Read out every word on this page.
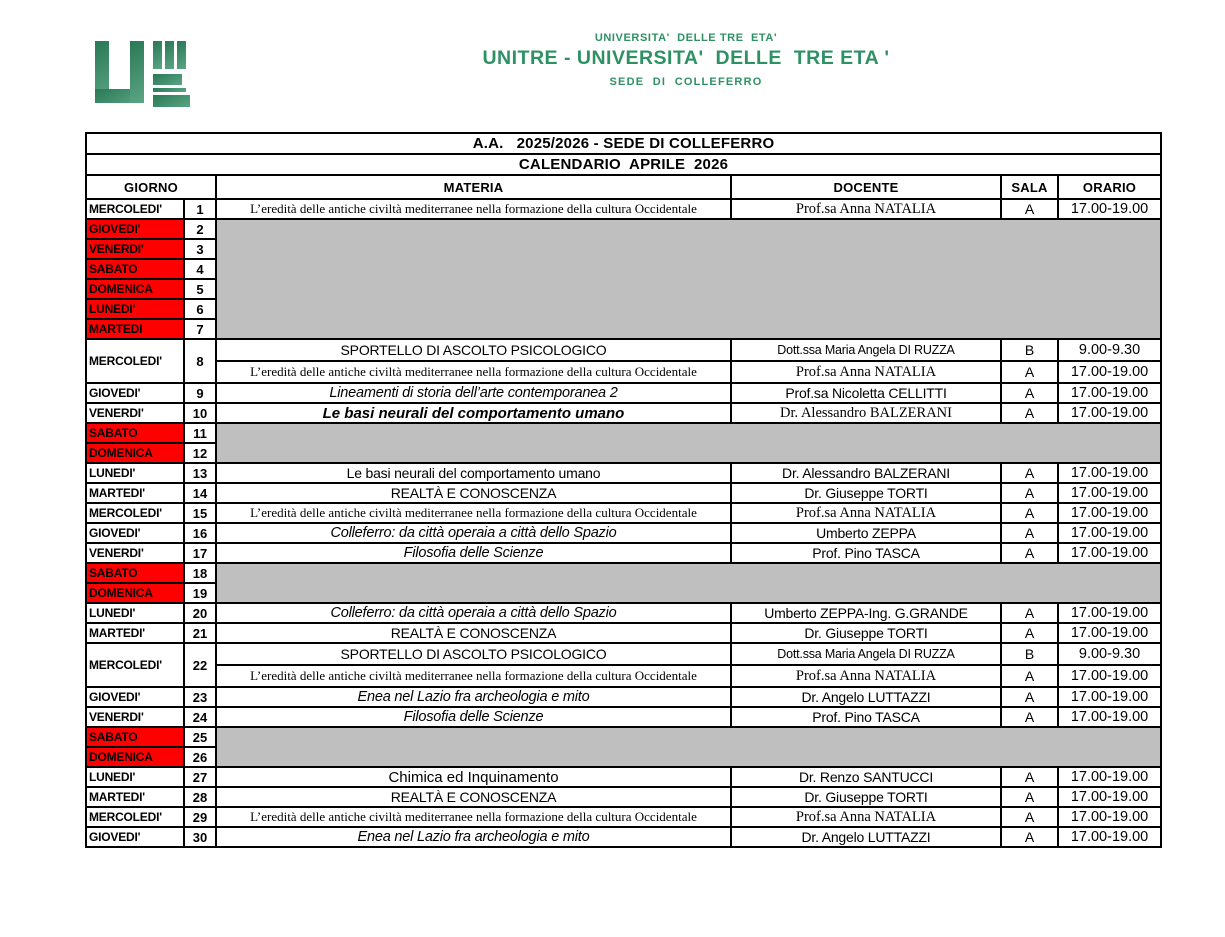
UNIVERSITA'  DELLE TRE  ETA'
UNITRE - UNIVERSITA'  DELLE  TRE ETA '
SEDE  DI  COLLEFERRO
A.A.   2025/2026 - SEDE DI COLLEFERRO					
CALENDARIO  APRILE  2026					
GIORNO		MATERIA	DOCENTE	SALA	ORARIO
MERCOLEDI'	1	L’eredità delle antiche civiltà mediterranee nella formazione della cultura Occidentale	Prof.sa Anna NATALIA	A	17.00-19.00
GIOVEDI'	2				
VENERDI'	3				
SABATO	4				
DOMENICA	5				
LUNEDI'	6				
MARTEDI	7				
MERCOLEDI'	8	SPORTELLO DI ASCOLTO PSICOLOGICO	Dott.ssa Maria Angela DI RUZZA	B	9.00-9.30
		L’eredità delle antiche civiltà mediterranee nella formazione della cultura Occidentale	Prof.sa Anna NATALIA	A	17.00-19.00
GIOVEDI'	9	Lineamenti di storia dell’arte contemporanea 2	Prof.sa Nicoletta CELLITTI	A	17.00-19.00
VENERDI'	10	Le basi neurali del comportamento umano	Dr. Alessandro BALZERANI	A	17.00-19.00
SABATO	11				
DOMENICA	12				
LUNEDI'	13	Le basi neurali del comportamento umano	Dr. Alessandro BALZERANI	A	17.00-19.00
MARTEDI'	14	REALTÀ E CONOSCENZA	Dr. Giuseppe TORTI	A	17.00-19.00
MERCOLEDI'	15	L’eredità delle antiche civiltà mediterranee nella formazione della cultura Occidentale	Prof.sa Anna NATALIA	A	17.00-19.00
GIOVEDI'	16	Colleferro: da città operaia a città dello Spazio	Umberto ZEPPA	A	17.00-19.00
VENERDI'	17	Filosofia delle Scienze	Prof. Pino TASCA	A	17.00-19.00
SABATO	18				
DOMENICA	19				
LUNEDI'	20	Colleferro: da città operaia a città dello Spazio	Umberto ZEPPA-Ing. G.GRANDE	A	17.00-19.00
MARTEDI'	21	REALTÀ E CONOSCENZA	Dr. Giuseppe TORTI	A	17.00-19.00
MERCOLEDI'	22	SPORTELLO DI ASCOLTO PSICOLOGICO	Dott.ssa Maria Angela DI RUZZA	B	9.00-9.30
		L’eredità delle antiche civiltà mediterranee nella formazione della cultura Occidentale	Prof.sa Anna NATALIA	A	17.00-19.00
GIOVEDI'	23	Enea nel Lazio fra archeologia e mito	Dr. Angelo LUTTAZZI	A	17.00-19.00
VENERDI'	24	Filosofia delle Scienze	Prof. Pino TASCA	A	17.00-19.00
SABATO	25				
DOMENICA	26				
LUNEDI'	27	Chimica ed Inquinamento	Dr. Renzo SANTUCCI	A	17.00-19.00
MARTEDI'	28	REALTÀ E CONOSCENZA	Dr. Giuseppe TORTI	A	17.00-19.00
MERCOLEDI'	29	L’eredità delle antiche civiltà mediterranee nella formazione della cultura Occidentale	Prof.sa Anna NATALIA	A	17.00-19.00
GIOVEDI'	30	Enea nel Lazio fra archeologia e mito	Dr. Angelo LUTTAZZI	A	17.00-19.00
